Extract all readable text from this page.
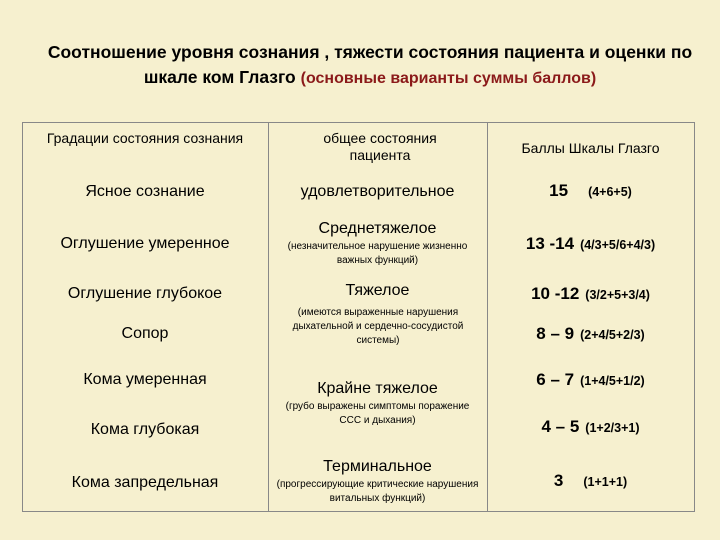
Соотношение уровня сознания , тяжести состояния пациента и оценки по шкале ком Глазго (основные варианты суммы баллов)
Градации состояния сознания	общее состояния пациента	Баллы Шкалы Глазго
Ясное сознание
Оглушение умеренное
Оглушение глубокое
Сопор
Кома умеренная
Кома глубокая
Кома запредельная
удовлетворительное
Среднетяжелое
(незначительное нарушение жизненно важных функций)
Тяжелое
(имеются выраженные нарушения дыхательной и сердечно-сосудистой системы)
Крайне тяжелое
(грубо выражены симптомы поражение ССС и дыхания)
Терминальное
(прогрессирующие критические нарушения витальных функций)
15 (4+6+5)
13 -14 (4/3+5/6+4/3)
10 -12 (3/2+5+3/4)
8 – 9 (2+4/5+2/3)
6 – 7 (1+4/5+1/2)
4 – 5 (1+2/3+1)
3 (1+1+1)
